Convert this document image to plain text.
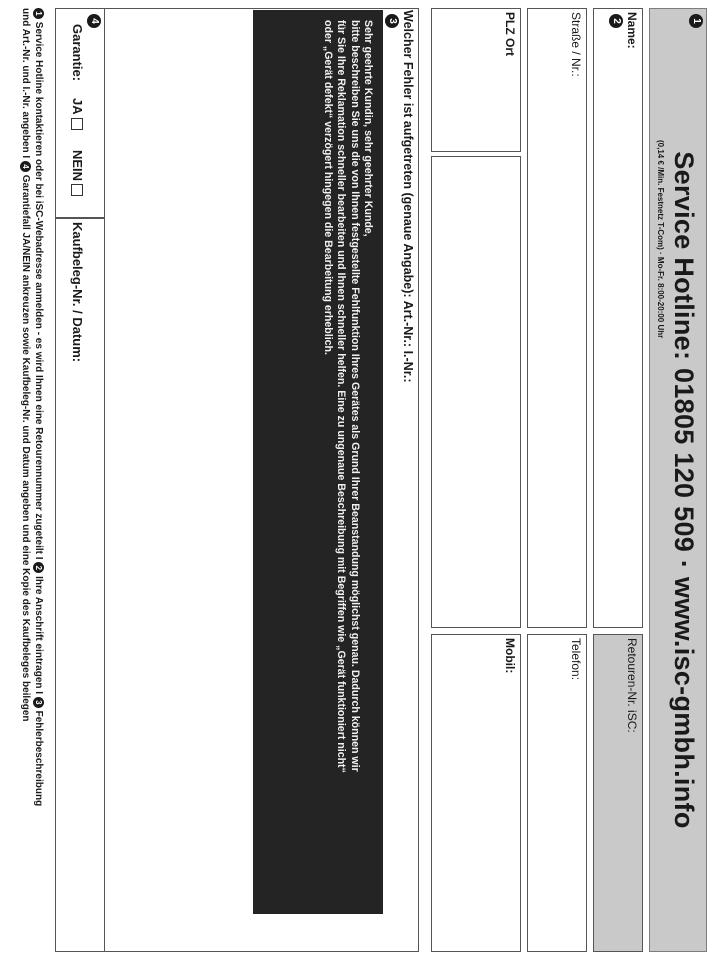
1
Service Hotline: 01805 120 509 · www.isc-gmbh.info
(0,14 € /Min. Festnetz T-Com) · Mo-Fr. 8:00-20:00 Uhr
Name:
2
Retouren-Nr. iSC:
Straße / Nr.:
Telefon:
PLZ Ort
Mobil:
Welcher Fehler ist aufgetreten (genaue Angabe): Art.-Nr.: I.-Nr.:
3

Sehr geehrte Kundin, sehr geehrter Kunde,

bitte beschreiben Sie uns die von Ihnen festgestellte Fehlfunktion Ihres Gerätes als Grund Ihrer Beanstandung möglichst genau. Dadurch können wir

für Sie Ihre Reklamation schneller bearbeiten und Ihnen schneller helfen. Eine zu ungenaue Beschreibung mit Begriffen wie „Gerät funktioniert nicht“

oder „Gerät defekt“ verzögert hingegen die Bearbeitung erheblich.

4
Garantie:
JA
NEIN
Kaufbeleg-Nr. / Datum:
1 Service Hotline kontaktieren oder bei iSC-Webadresse anmelden - es wird Ihnen eine Retourennummer zugeteilt I 2 Ihre Anschrift eintragen I 3 Fehlerbeschreibung
und Art.-Nr. und I.-Nr. angeben I 4 Garantiefall JA/NEIN ankreuzen sowie Kaufbeleg-Nr. und Datum angeben und eine Kopie des Kaufbeleges beilegen
